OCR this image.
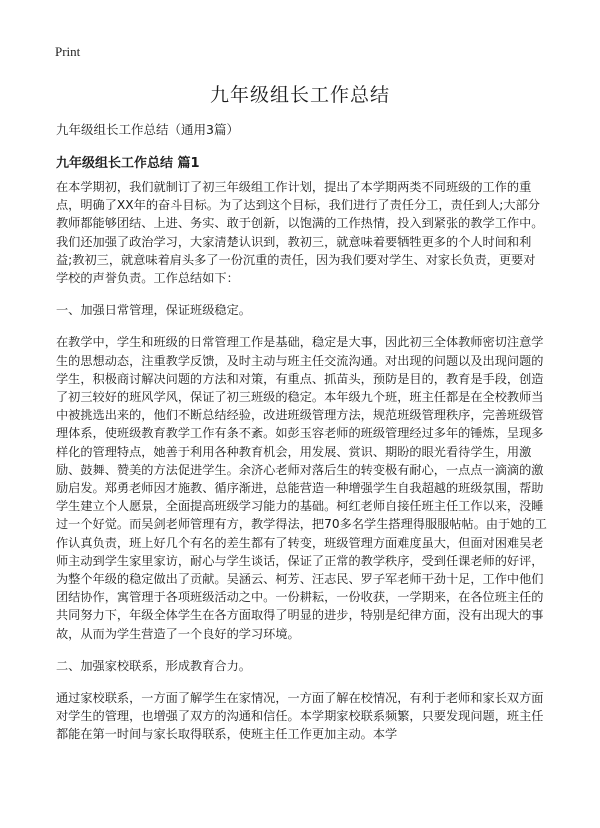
Print
九年级组长工作总结

九年级组长工作总结（通用3篇）

九年级组长工作总结 篇1

在本学期初，我们就制订了初三年级组工作计划，提出了本学期两类不同班级的工作的重点，明确了XX年的奋斗目标。为了达到这个目标，我们进行了责任分工，责任到人;大部分教师都能够团结、上进、务实、敢于创新，以饱满的工作热情，投入到紧张的教学工作中。我们还加强了政治学习，大家清楚认识到，教初三，就意味着要牺牲更多的个人时间和利益;教初三，就意味着肩头多了一份沉重的责任，因为我们要对学生、对家长负责，更要对学校的声誉负责。工作总结如下：

一、加强日常管理，保证班级稳定。

在教学中，学生和班级的日常管理工作是基础，稳定是大事，因此初三全体教师密切注意学生的思想动态，注重教学反馈，及时主动与班主任交流沟通。对出现的问题以及出现问题的学生，积极商讨解决问题的方法和对策，有重点、抓苗头，预防是目的，教育是手段，创造了初三较好的班风学风，保证了初三班级的稳定。本年级九个班，班主任都是在全校教师当中被挑选出来的，他们不断总结经验，改进班级管理方法，规范班级管理秩序，完善班级管理体系，使班级教育教学工作有条不紊。如彭玉容老师的班级管理经过多年的锤炼，呈现多样化的管理特点，她善于利用各种教育机会，用发展、赏识、期盼的眼光看待学生，用激励、鼓舞、赞美的方法促进学生。余济心老师对落后生的转变极有耐心，一点点一滴滴的激励启发。郑勇老师因才施教、循序渐进，总能营造一种增强学生自我超越的班级氛围，帮助学生建立个人愿景，全面提高班级学习能力的基础。柯红老师自接任班主任工作以来，没睡过一个好觉。而吴剑老师管理有方，教学得法，把70多名学生搭理得服服帖帖。由于她的工作认真负责，班上好几个有名的差生都有了转变，班级管理方面难度虽大，但面对困难吴老师主动到学生家里家访，耐心与学生谈话，保证了正常的教学秩序，受到任课老师的好评，为整个年级的稳定做出了贡献。吴涵云、柯芳、汪志民、罗子军老师干劲十足，工作中他们团结协作，寓管理于各项班级活动之中。一份耕耘，一份收获，一学期来，在各位班主任的共同努力下，年级全体学生在各方面取得了明显的进步，特别是纪律方面，没有出现大的事故，从而为学生营造了一个良好的学习环境。

二、加强家校联系，形成教育合力。

通过家校联系，一方面了解学生在家情况，一方面了解在校情况，有利于老师和家长双方面对学生的管理，也增强了双方的沟通和信任。本学期家校联系频繁，只要发现问题，班主任都能在第一时间与家长取得联系，使班主任工作更加主动。本学
